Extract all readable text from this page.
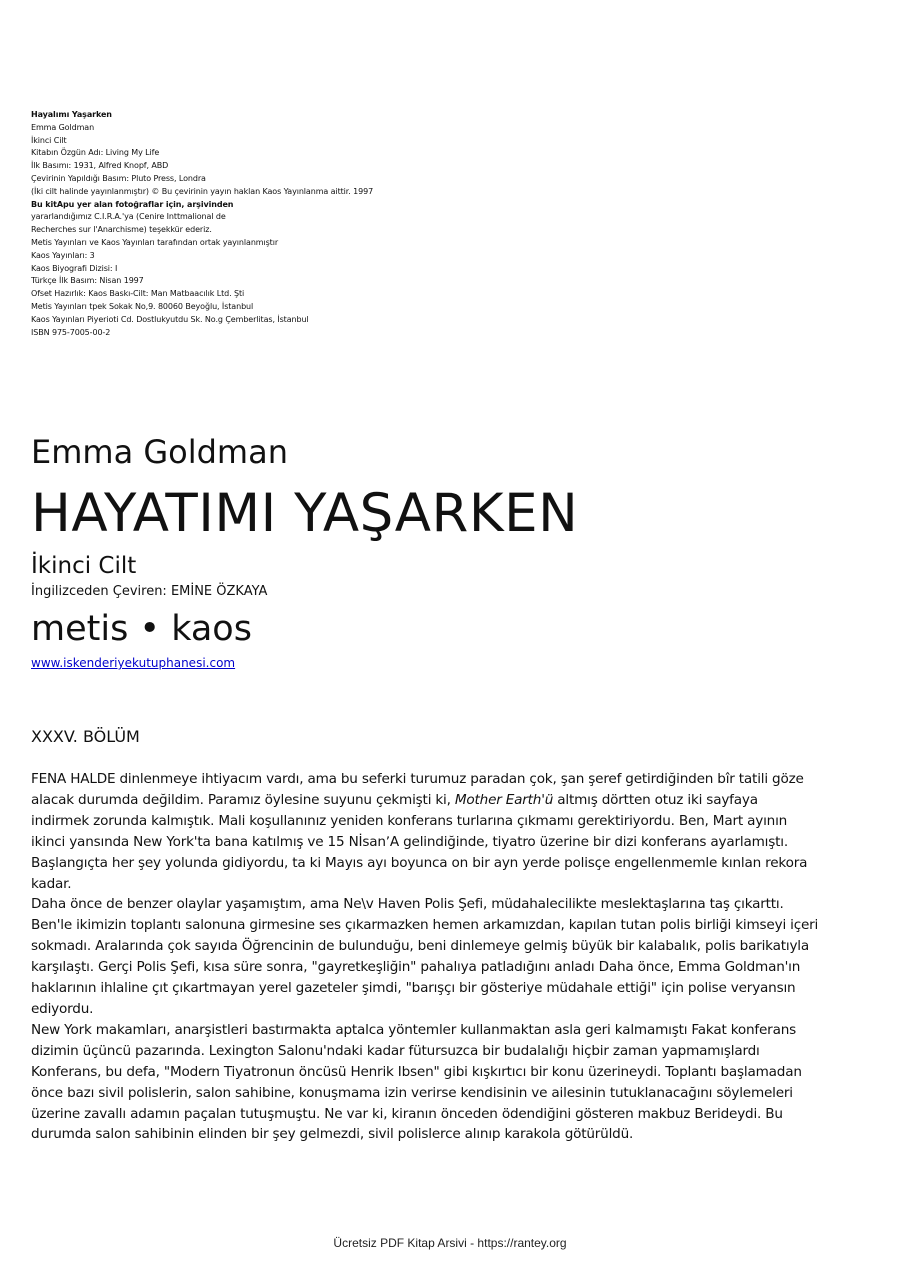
Hayalımı Yaşarken
Emma Goldman
İkinci Cilt
Kitabın Özgün Adı: Living My Life
İlk Basımı: 1931, Alfred Knopf, ABD
Çevirinin Yapıldığı Basım: Pluto Press, Londra
(İki cilt halinde yayınlanmıştır) © Bu çevirinin yayın haklan Kaos Yayınlanma aittir. 1997
Bu kitApu yer alan fotoğraflar için, arşivinden
yararlandığımız C.I.R.A.'ya (Cenire Inttmalional de
Recherches sur l'Anarchisme) teşekkür ederiz.
Metis Yayınları ve Kaos Yayınları tarafından ortak yayınlanmıştır
Kaos Yayınları: 3
Kaos Biyografi Dizisi: I
Türkçe İlk Basım: Nisan 1997
Ofset Hazırlık: Kaos Baskı-Cilt: Man Matbaacılık Ltd. Şti
Metis Yayınları tpek Sokak No,9. 80060 Beyoğlu, İstanbul
Kaos Yayınları Piyerioti Cd. Dostlukyutdu Sk. No.g Çemberlitas, İstanbul
ISBN 975-7005-00-2
Emma Goldman
HAYATIMI YAŞARKEN
İkinci Cilt
İngilizceden Çeviren: EMİNE ÖZKAYA
metis • kaos
www.iskenderiyekutuphanesi.com
XXXV. BÖLÜM
FENA HALDE dinlenmeye ihtiyacım vardı, ama bu seferki turumuz paradan çok, şan şeref getirdiğinden bîr tatili göze
alacak durumda değildim. Paramız öylesine suyunu çekmişti ki, Mother Earth'ü altmış dörtten otuz iki sayfaya
indirmek zorunda kalmıştık. Mali koşullanınız yeniden konferans turlarına çıkmamı gerektiriyordu. Ben, Mart ayının
ikinci yansında New York'ta bana katılmış ve 15 NİsanʼA gelindiğinde, tiyatro üzerine bir dizi konferans ayarlamıştı.
Başlangıçta her şey yolunda gidiyordu, ta ki Mayıs ayı boyunca on bir ayn yerde polisçe engellenmemle kınlan rekora
kadar.
Daha önce de benzer olaylar yaşamıştım, ama Ne\v Haven Polis Şefi, müdahalecilikte meslektaşlarına taş çıkarttı.
Ben'le ikimizin toplantı salonuna girmesine ses çıkarmazken hemen arkamızdan, kapılan tutan polis birliği kimseyi içeri
sokmadı. Aralarında çok sayıda Öğrencinin de bulunduğu, beni dinlemeye gelmiş büyük bir kalabalık, polis barikatıyla
karşılaştı. Gerçi Polis Şefi, kısa süre sonra, "gayretkeşliğin" pahalıya patladığını anladı Daha önce, Emma Goldman'ın
haklarının ihlaline çıt çıkartmayan yerel gazeteler şimdi, "barışçı bir gösteriye müdahale ettiği" için polise veryansın
ediyordu.
New York makamları, anarşistleri bastırmakta aptalca yöntemler kullanmaktan asla geri kalmamıştı Fakat konferans
dizimin üçüncü pazarında. Lexington Salonu'ndaki kadar fütursuzca bir budalalığı hiçbir zaman yapmamışlardı
Konferans, bu defa, "Modern Tiyatronun öncüsü Henrik Ibsen" gibi kışkırtıcı bir konu üzerineydi. Toplantı başlamadan
önce bazı sivil polislerin, salon sahibine, konuşmama izin verirse kendisinin ve ailesinin tutuklanacağını söylemeleri
üzerine zavallı adamın paçalan tutuşmuştu. Ne var ki, kiranın önceden ödendiğini gösteren makbuz Berideydi. Bu
durumda salon sahibinin elinden bir şey gelmezdi, sivil polislerce alınıp karakola götürüldü.
Ücretsiz PDF Kitap Arsivi - https://rantey.org
